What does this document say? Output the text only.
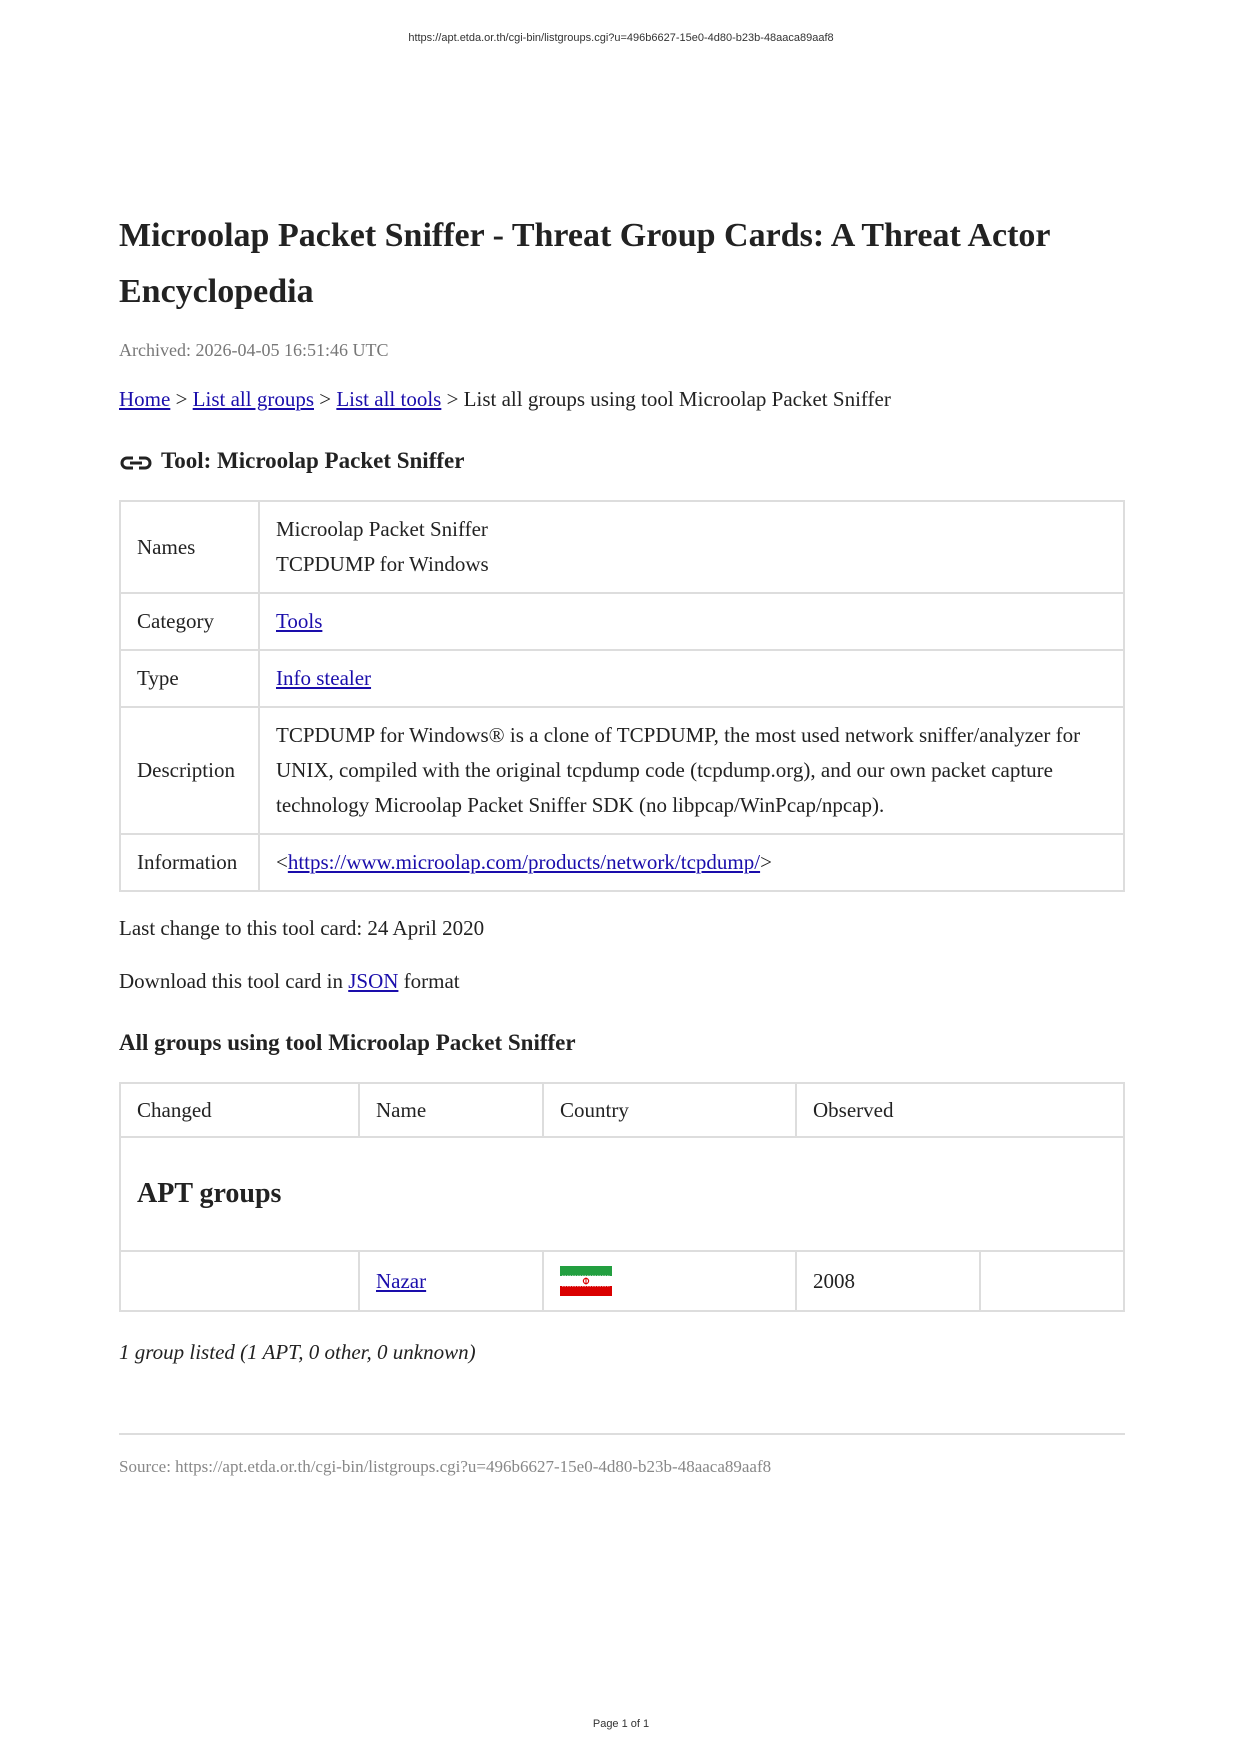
https://apt.etda.or.th/cgi-bin/listgroups.cgi?u=496b6627-15e0-4d80-b23b-48aaca89aaf8
Microolap Packet Sniffer - Threat Group Cards: A Threat Actor Encyclopedia
Archived: 2026-04-05 16:51:46 UTC
Home > List all groups > List all tools > List all groups using tool Microolap Packet Sniffer
Tool: Microolap Packet Sniffer
Names	Microolap Packet Sniffer
TCPDUMP for Windows

Category	Tools
Type	Info stealer
Description	TCPDUMP for Windows® is a clone of TCPDUMP, the most used network sniffer/analyzer for UNIX, compiled with the original tcpdump code (tcpdump.org), and our own packet capture technology Microolap Packet Sniffer SDK (no libpcap/WinPcap/npcap).
Information	<https://www.microolap.com/products/network/tcpdump/>
Last change to this tool card: 24 April 2020
Download this tool card in JSON format
All groups using tool Microolap Packet Sniffer
Changed	Name	Country	Observed	
APT groups				
	Nazar		2008	
1 group listed (1 APT, 0 other, 0 unknown)
Source: https://apt.etda.or.th/cgi-bin/listgroups.cgi?u=496b6627-15e0-4d80-b23b-48aaca89aaf8
Page 1 of 1
